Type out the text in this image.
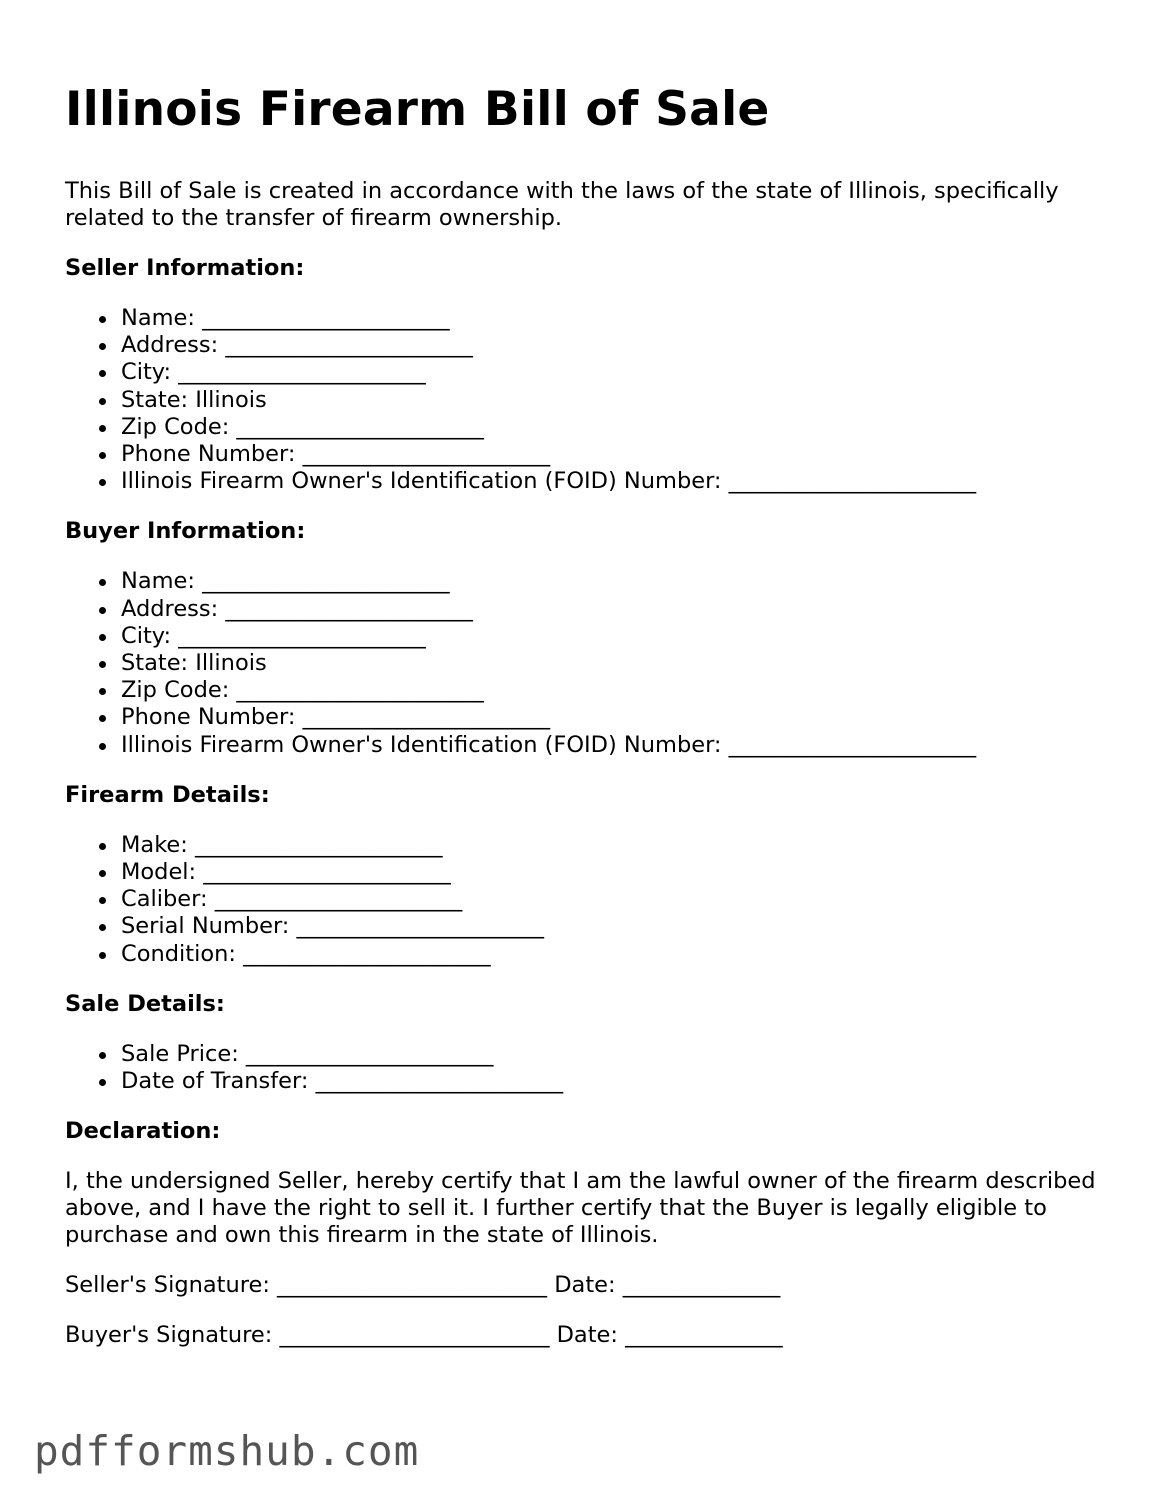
Illinois Firearm Bill of Sale

This Bill of Sale is created in accordance with the laws of the state of Illinois, specifically related to the transfer of firearm ownership.

Seller Information:
Name: ______________________
Address: ______________________
City: ______________________
State: Illinois
Zip Code: ______________________
Phone Number: ______________________
Illinois Firearm Owner's Identification (FOID) Number: ______________________
Buyer Information:
Name: ______________________
Address: ______________________
City: ______________________
State: Illinois
Zip Code: ______________________
Phone Number: ______________________
Illinois Firearm Owner's Identification (FOID) Number: ______________________
Firearm Details:
Make: ______________________
Model: ______________________
Caliber: ______________________
Serial Number: ______________________
Condition: ______________________
Sale Details:
Sale Price: ______________________
Date of Transfer: ______________________
Declaration:

I, the undersigned Seller, hereby certify that I am the lawful owner of the firearm described above, and I have the right to sell it. I further certify that the Buyer is legally eligible to purchase and own this firearm in the state of Illinois.

Seller's Signature: ________________________ Date: ______________

Buyer's Signature: ________________________ Date: ______________

pdfformshub.com
